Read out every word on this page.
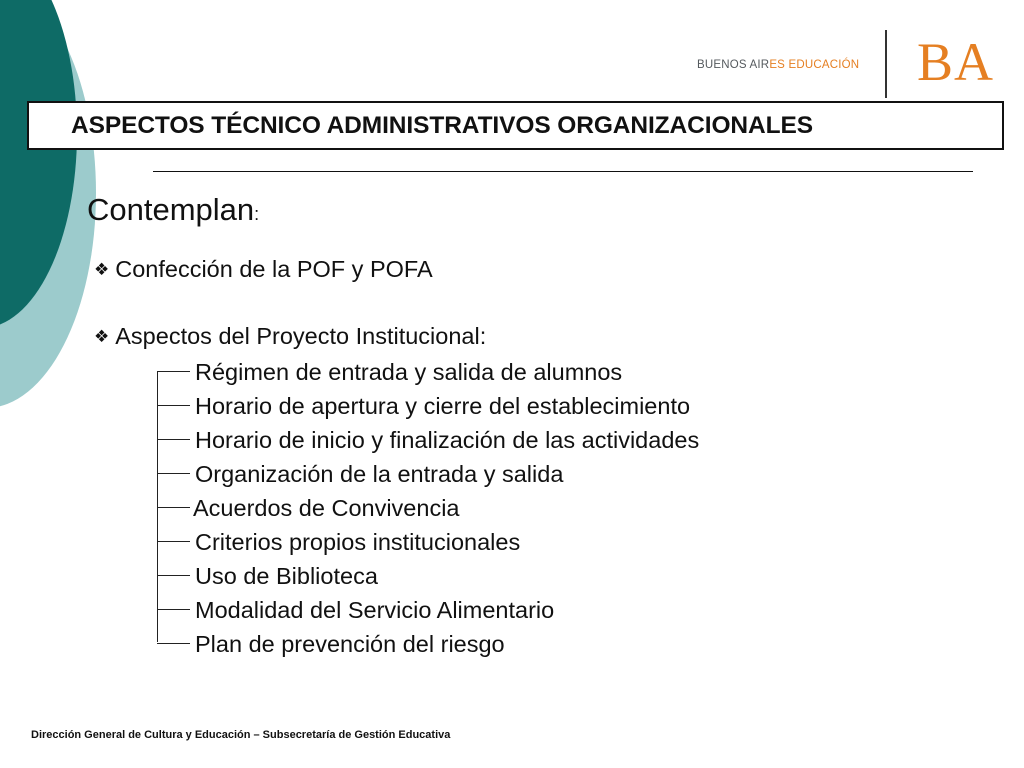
BUENOS AIRES EDUCACIÓN BA
ASPECTOS TÉCNICO ADMINISTRATIVOS ORGANIZACIONALES
Contemplan:
❖ Confección de la POF y POFA
❖ Aspectos del Proyecto Institucional:
Régimen de entrada y salida de alumnos
Horario de apertura y cierre del establecimiento
Horario de inicio y finalización de las actividades
Organización de la entrada y salida
Acuerdos de Convivencia
Criterios propios institucionales
Uso de Biblioteca
Modalidad del Servicio Alimentario
Plan de prevención del riesgo
Dirección General de Cultura y Educación – Subsecretaría de Gestión Educativa
